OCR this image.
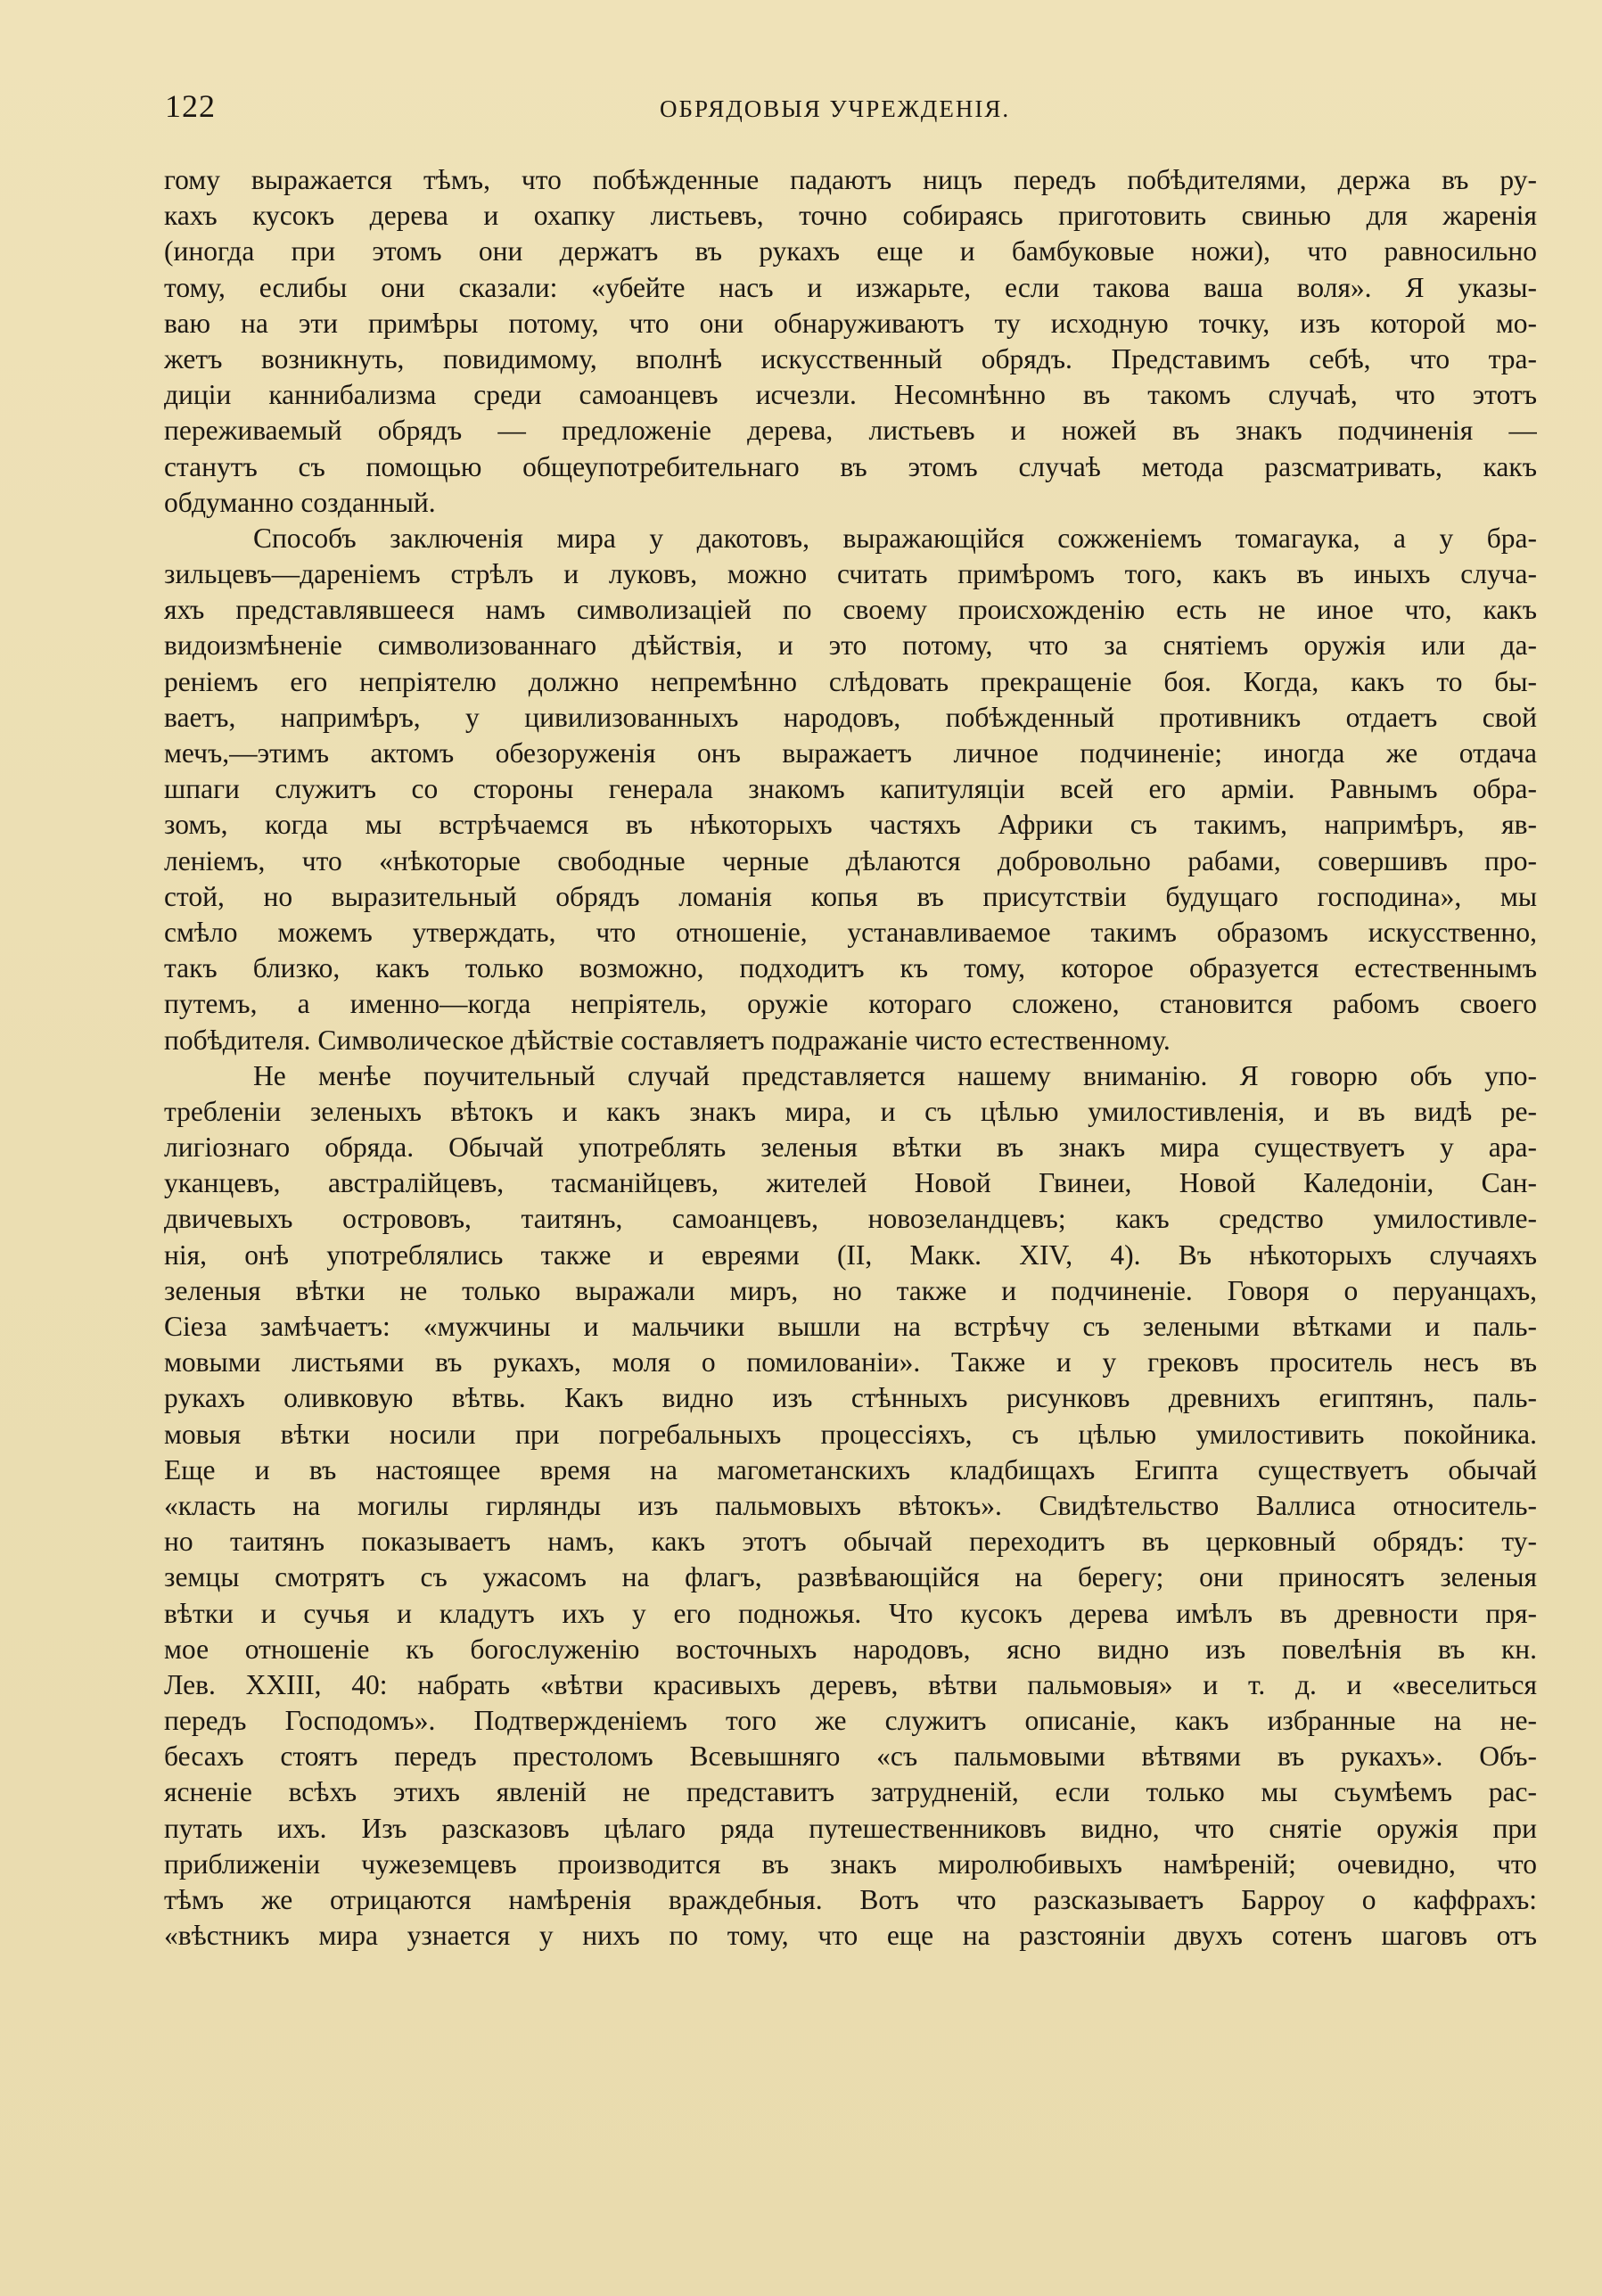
122	ОБРЯДОВЫЯ УЧРЕЖДЕНІЯ.
гому выражается тѣмъ, что побѣжденные падаютъ ницъ передъ побѣдителями, держа въ ру-
кахъ кусокъ дерева и охапку листьевъ, точно собираясь приготовить свинью для жаренія
(иногда при этомъ они держатъ въ рукахъ еще и бамбуковые ножи), что равносильно
тому, еслибы они сказали: «убейте насъ и изжарьте, если такова ваша воля». Я указы-
ваю на эти примѣры потому, что они обнаруживаютъ ту исходную точку, изъ которой мо-
жетъ возникнуть, повидимому, вполнѣ искусственный обрядъ. Представимъ себѣ, что тра-
диціи каннибализма среди самоанцевъ исчезли. Несомнѣнно въ такомъ случаѣ, что этотъ
переживаемый обрядъ — предложеніе дерева, листьевъ и ножей въ знакъ подчиненія —
станутъ съ помощью общеупотребительнаго въ этомъ случаѣ метода разсматривать, какъ
обдуманно созданный.
Способъ заключенія мира у дакотовъ, выражающійся сожженіемъ томагаука, а у бра-
зильцевъ—дареніемъ стрѣлъ и луковъ, можно считать примѣромъ того, какъ въ иныхъ случа-
яхъ представлявшееся намъ символизаціей по своему происхожденію есть не иное что, какъ
видоизмѣненіе символизованнаго дѣйствія, и это потому, что за снятіемъ оружія или да-
реніемъ его непріятелю должно непремѣнно слѣдовать прекращеніе боя. Когда, какъ то бы-
ваетъ, напримѣръ, у цивилизованныхъ народовъ, побѣжденный противникъ отдаетъ свой
мечъ,—этимъ актомъ обезоруженія онъ выражаетъ личное подчиненіе; иногда же отдача
шпаги служитъ со стороны генерала знакомъ капитуляціи всей его арміи. Равнымъ обра-
зомъ, когда мы встрѣчаемся въ нѣкоторыхъ частяхъ Африки съ такимъ, напримѣръ, яв-
леніемъ, что «нѣкоторые свободные черные дѣлаются добровольно рабами, совершивъ про-
стой, но выразительный обрядъ ломанія копья въ присутствіи будущаго господина», мы
смѣло можемъ утверждать, что отношеніе, устанавливаемое такимъ образомъ искусственно,
такъ близко, какъ только возможно, подходитъ къ тому, которое образуется естественнымъ
путемъ, а именно—когда непріятель, оружіе котораго сложено, становится рабомъ своего
побѣдителя. Символическое дѣйствіе составляетъ подражаніе чисто естественному.
Не менѣе поучительный случай представляется нашему вниманію. Я говорю объ упо-
требленіи зеленыхъ вѣтокъ и какъ знакъ мира, и съ цѣлью умилостивленія, и въ видѣ ре-
лигіознаго обряда. Обычай употреблять зеленыя вѣтки въ знакъ мира существуетъ у ара-
уканцевъ, австралійцевъ, тасманійцевъ, жителей Новой Гвинеи, Новой Каледоніи, Сан-
двичевыхъ острововъ, таитянъ, самоанцевъ, новозеландцевъ; какъ средство умилостивле-
нія, онѣ употреблялись также и евреями (II, Макк. XIV, 4). Въ нѣкоторыхъ случаяхъ
зеленыя вѣтки не только выражали миръ, но также и подчиненіе. Говоря о перуанцахъ,
Сіеза замѣчаетъ: «мужчины и мальчики вышли на встрѣчу съ зелеными вѣтками и паль-
мовыми листьями въ рукахъ, моля о помилованіи». Также и у грековъ проситель несъ въ
рукахъ оливковую вѣтвь. Какъ видно изъ стѣнныхъ рисунковъ древнихъ египтянъ, паль-
мовыя вѣтки носили при погребальныхъ процессіяхъ, съ цѣлью умилостивить покойника.
Еще и въ настоящее время на магометанскихъ кладбищахъ Египта существуетъ обычай
«класть на могилы гирлянды изъ пальмовыхъ вѣтокъ». Свидѣтельство Валлиса относитель-
но таитянъ показываетъ намъ, какъ этотъ обычай переходитъ въ церковный обрядъ: ту-
земцы смотрятъ съ ужасомъ на флагъ, развѣвающійся на берегу; они приносятъ зеленыя
вѣтки и сучья и кладутъ ихъ у его подножья. Что кусокъ дерева имѣлъ въ древности пря-
мое отношеніе къ богослуженію восточныхъ народовъ, ясно видно изъ повелѣнія въ кн.
Лев. XXIII, 40: набрать «вѣтви красивыхъ деревъ, вѣтви пальмовыя» и т. д. и «веселиться
передъ Господомъ». Подтвержденіемъ того же служитъ описаніе, какъ избранные на не-
бесахъ стоятъ передъ престоломъ Всевышняго «съ пальмовыми вѣтвями въ рукахъ». Объ-
ясненіе всѣхъ этихъ явленій не представитъ затрудненій, если только мы съумѣемъ рас-
путать ихъ. Изъ разсказовъ цѣлаго ряда путешественниковъ видно, что снятіе оружія при
приближеніи чужеземцевъ производится въ знакъ миролюбивыхъ намѣреній; очевидно, что
тѣмъ же отрицаются намѣренія враждебныя. Вотъ что разсказываетъ Барроу о каффрахъ:
«вѣстникъ мира узнается у нихъ по тому, что еще на разстояніи двухъ сотенъ шаговъ отъ
